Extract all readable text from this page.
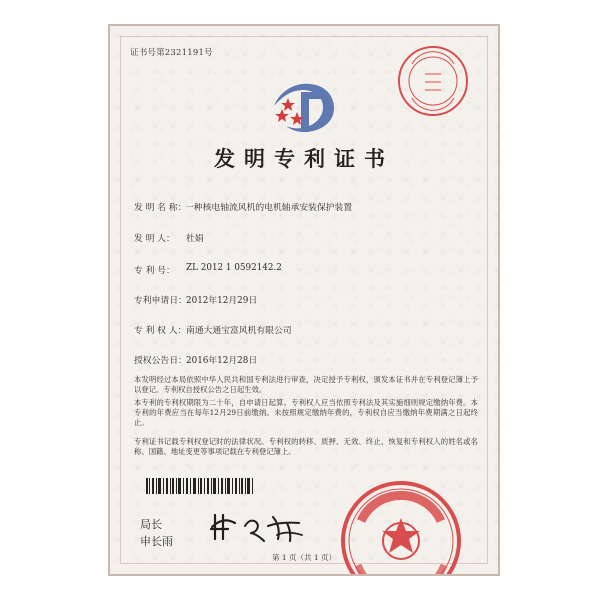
证书号第2321191号
发明专利证书
发 明 名 称：
一种核电轴流风机的电机轴承安装保护装置
发 明 人： 杜娟
专 利 号： ZL 2012 1 0592142.2
专利申请日： 2012年12月29日
专 利 权 人： 南通大通宝富风机有限公司
授权公告日： 2016年12月28日
本发明经过本局依照中华人民共和国专利法进行审查，决定授予专利权，颁发本证书并在专利登记簿上予以登记。专利权自授权公告之日起生效。
本专利的专利权期限为二十年，自申请日起算。专利权人应当依照专利法及其实施细则规定缴纳年费。本专利的年费应当在每年12月29日前缴纳。未按照规定缴纳年费的，专利权自应当缴纳年费期满之日起终止。
专利证书记载专利权登记时的法律状况。专利权的转移、质押、无效、终止、恢复和专利权人的姓名或名称、国籍、地址变更等事项记载在专利登记簿上。
局长
申长雨
2016 年 12 月 28 日
第 1 页（共 1 页）
